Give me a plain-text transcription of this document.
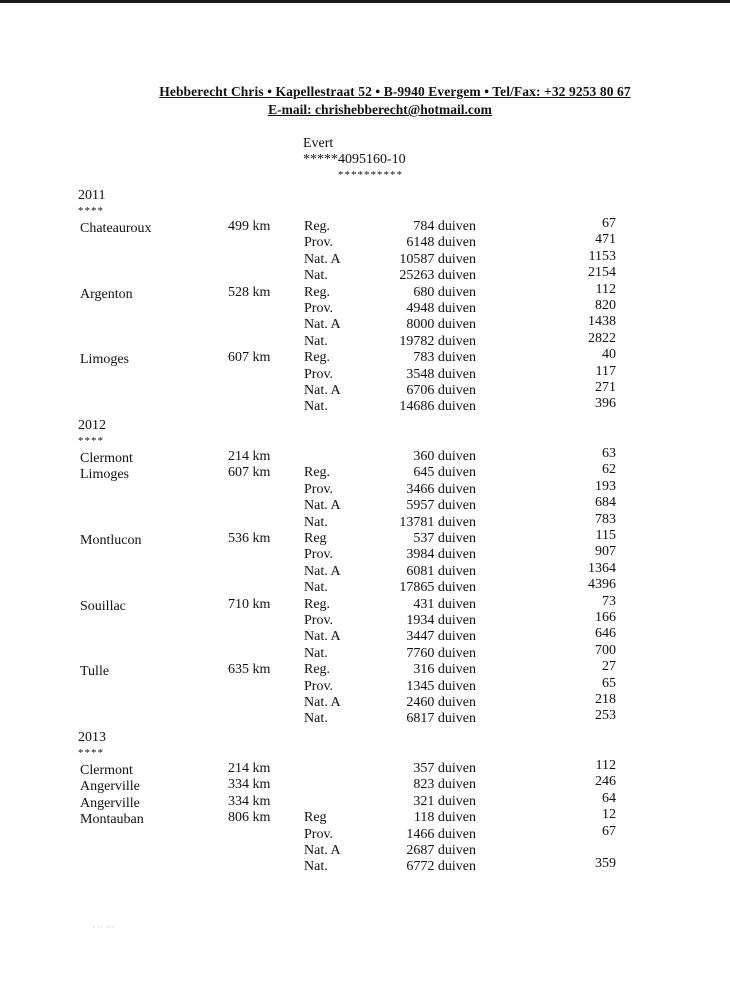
Hebberecht Chris • Kapellestraat 52 • B-9940 Evergem • Tel/Fax: +32 9253 80 67
E-mail: chrishebberecht@hotmail.com
Evert
*****4095160-10
**********
2011
****
Chateauroux	499 km Reg.	784 duiven	67
Prov.	6148 duiven	471
Nat. A	10587 duiven	1153
Nat.	25263 duiven	2154
Argenton	528 km Reg.	680 duiven	112
Prov.	4948 duiven	820
Nat. A	8000 duiven	1438
Nat.	19782 duiven	2822
Limoges	607 km Reg.	783 duiven	40
Prov.	3548 duiven	117
Nat. A	6706 duiven	271
Nat.	14686 duiven	396
2012
****
Clermont	214 km	360 duiven	63
Limoges	607 km Reg.	645 duiven	62
Prov.	3466 duiven	193
Nat. A	5957 duiven	684
Nat.	13781 duiven	783
Montlucon	536 km Reg	537 duiven	115
Prov.	3984 duiven	907
Nat. A	6081 duiven	1364
Nat.	17865 duiven	4396
Souillac	710 km Reg.	431 duiven	73
Prov.	1934 duiven	166
Nat. A	3447 duiven	646
Nat.	7760 duiven	700
Tulle	635 km Reg.	316 duiven	27
Prov.	1345 duiven	65
Nat. A	2460 duiven	218
Nat.	6817 duiven	253
2013
****
Clermont	214 km	357 duiven	112
Angerville	334 km	823 duiven	246
Angerville	334 km	321 duiven	64
Montauban	806 km Reg	118 duiven	12
Prov.	1466 duiven	67
Nat. A	2687 duiven
Nat.	6772 duiven	359
· ·· ···
